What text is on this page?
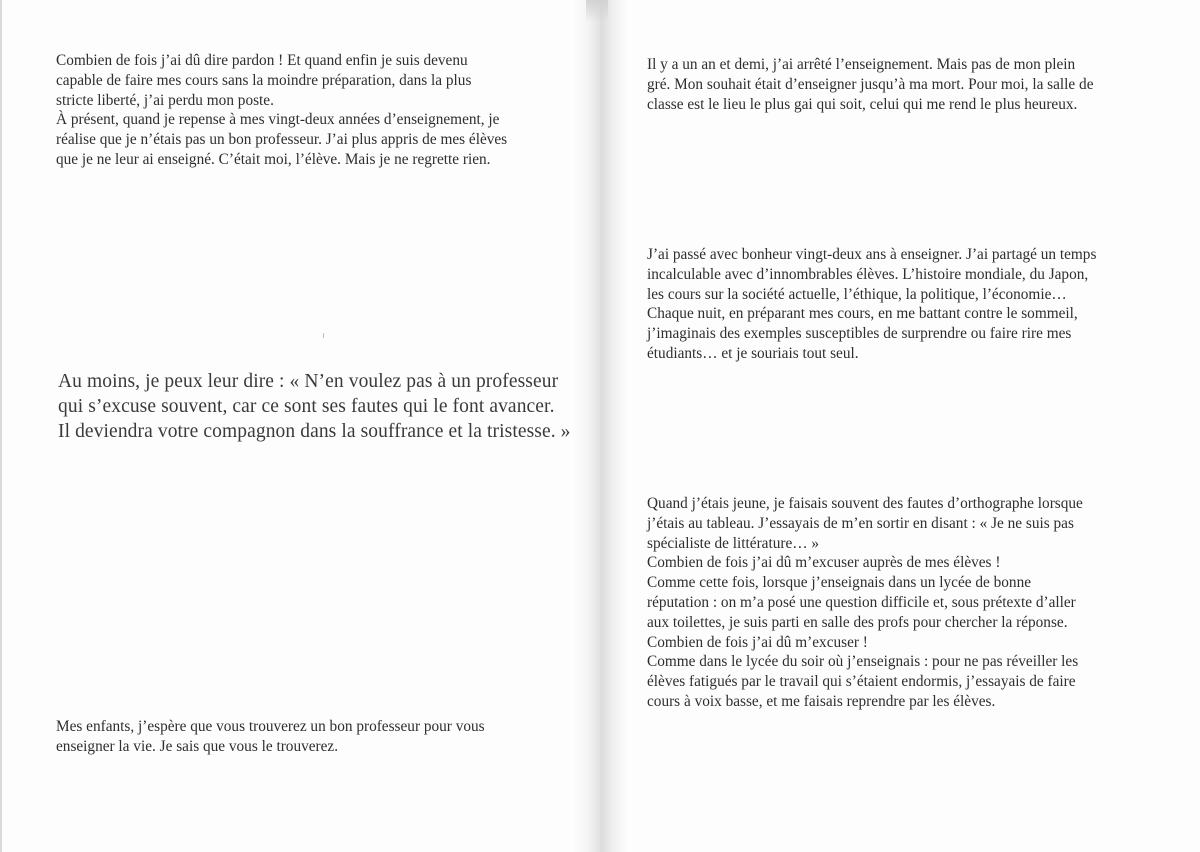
Combien de fois j’ai dû dire pardon ! Et quand enfin je suis devenu

capable de faire mes cours sans la moindre préparation, dans la plus

stricte liberté, j’ai perdu mon poste.

À présent, quand je repense à mes vingt-deux années d’enseignement, je

réalise que je n’étais pas un bon professeur. J’ai plus appris de mes élèves

que je ne leur ai enseigné. C’était moi, l’élève. Mais je ne regrette rien.

Au moins, je peux leur dire : « N’en voulez pas à un professeur

qui s’excuse souvent, car ce sont ses fautes qui le font avancer.

Il deviendra votre compagnon dans la souffrance et la tristesse. »

Mes enfants, j’espère que vous trouverez un bon professeur pour vous

enseigner la vie. Je sais que vous le trouverez.

Il y a un an et demi, j’ai arrêté l’enseignement. Mais pas de mon plein

gré. Mon souhait était d’enseigner jusqu’à ma mort. Pour moi, la salle de

classe est le lieu le plus gai qui soit, celui qui me rend le plus heureux.

J’ai passé avec bonheur vingt-deux ans à enseigner. J’ai partagé un temps

incalculable avec d’innombrables élèves. L’histoire mondiale, du Japon,

les cours sur la société actuelle, l’éthique, la politique, l’économie…

Chaque nuit, en préparant mes cours, en me battant contre le sommeil,

j’imaginais des exemples susceptibles de surprendre ou faire rire mes

étudiants… et je souriais tout seul.

Quand j’étais jeune, je faisais souvent des fautes d’orthographe lorsque

j’étais au tableau. J’essayais de m’en sortir en disant : « Je ne suis pas

spécialiste de littérature… »

Combien de fois j’ai dû m’excuser auprès de mes élèves !

Comme cette fois, lorsque j’enseignais dans un lycée de bonne

réputation : on m’a posé une question difficile et, sous prétexte d’aller

aux toilettes, je suis parti en salle des profs pour chercher la réponse.

Combien de fois j’ai dû m’excuser !

Comme dans le lycée du soir où j’enseignais : pour ne pas réveiller les

élèves fatigués par le travail qui s’étaient endormis, j’essayais de faire

cours à voix basse, et me faisais reprendre par les élèves.
